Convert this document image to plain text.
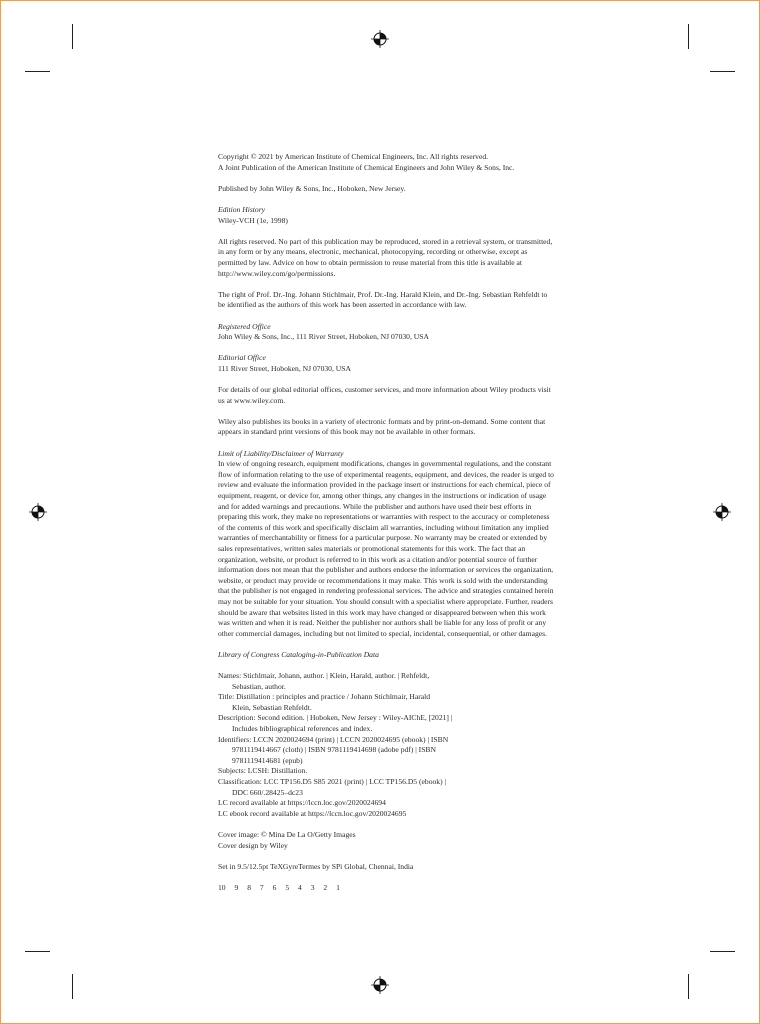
Copyright © 2021 by American Institute of Chemical Engineers, Inc. All rights reserved.

A Joint Publication of the American Institute of Chemical Engineers and John Wiley & Sons, Inc.

Published by John Wiley & Sons, Inc., Hoboken, New Jersey.

Edition History

Wiley-VCH (1e, 1998)

All rights reserved. No part of this publication may be reproduced, stored in a retrieval system, or transmitted,

in any form or by any means, electronic, mechanical, photocopying, recording or otherwise, except as

permitted by law. Advice on how to obtain permission to reuse material from this title is available at

http://www.wiley.com/go/permissions.

The right of Prof. Dr.-Ing. Johann Stichlmair, Prof. Dr.-Ing. Harald Klein, and Dr.-Ing. Sebastian Rehfeldt to

be identified as the authors of this work has been asserted in accordance with law.

Registered Office

John Wiley & Sons, Inc., 111 River Street, Hoboken, NJ 07030, USA

Editorial Office

111 River Street, Hoboken, NJ 07030, USA

For details of our global editorial offices, customer services, and more information about Wiley products visit

us at www.wiley.com.

Wiley also publishes its books in a variety of electronic formats and by print-on-demand. Some content that

appears in standard print versions of this book may not be available in other formats.

Limit of Liability/Disclaimer of Warranty

In view of ongoing research, equipment modifications, changes in governmental regulations, and the constant

flow of information relating to the use of experimental reagents, equipment, and devices, the reader is urged to

review and evaluate the information provided in the package insert or instructions for each chemical, piece of

equipment, reagent, or device for, among other things, any changes in the instructions or indication of usage

and for added warnings and precautions. While the publisher and authors have used their best efforts in

preparing this work, they make no representations or warranties with respect to the accuracy or completeness

of the contents of this work and specifically disclaim all warranties, including without limitation any implied

warranties of merchantability or fitness for a particular purpose. No warranty may be created or extended by

sales representatives, written sales materials or promotional statements for this work. The fact that an

organization, website, or product is referred to in this work as a citation and/or potential source of further

information does not mean that the publisher and authors endorse the information or services the organization,

website, or product may provide or recommendations it may make. This work is sold with the understanding

that the publisher is not engaged in rendering professional services. The advice and strategies contained herein

may not be suitable for your situation. You should consult with a specialist where appropriate. Further, readers

should be aware that websites listed in this work may have changed or disappeared between when this work

was written and when it is read. Neither the publisher nor authors shall be liable for any loss of profit or any

other commercial damages, including but not limited to special, incidental, consequential, or other damages.

Library of Congress Cataloging-in-Publication Data

Names: Stichlmair, Johann, author. | Klein, Harald, author. | Rehfeldt,

Sebastian, author.

Title: Distillation : principles and practice / Johann Stichlmair, Harald

Klein, Sebastian Rehfeldt.

Description: Second edition. | Hoboken, New Jersey : Wiley-AIChE, [2021] |

Includes bibliographical references and index.

Identifiers: LCCN 2020024694 (print) | LCCN 2020024695 (ebook) | ISBN

9781119414667 (cloth) | ISBN 9781119414698 (adobe pdf) | ISBN

9781119414681 (epub)

Subjects: LCSH: Distillation.

Classification: LCC TP156.D5 S85 2021 (print) | LCC TP156.D5 (ebook) |

DDC 660/.28425–dc23

LC record available at https://lccn.loc.gov/2020024694

LC ebook record available at https://lccn.loc.gov/2020024695

Cover image: © Mina De La O/Getty Images

Cover design by Wiley

Set in 9.5/12.5pt TeXGyreTermes by SPi Global, Chennai, India

10 9 8 7 6 5 4 3 2 1
